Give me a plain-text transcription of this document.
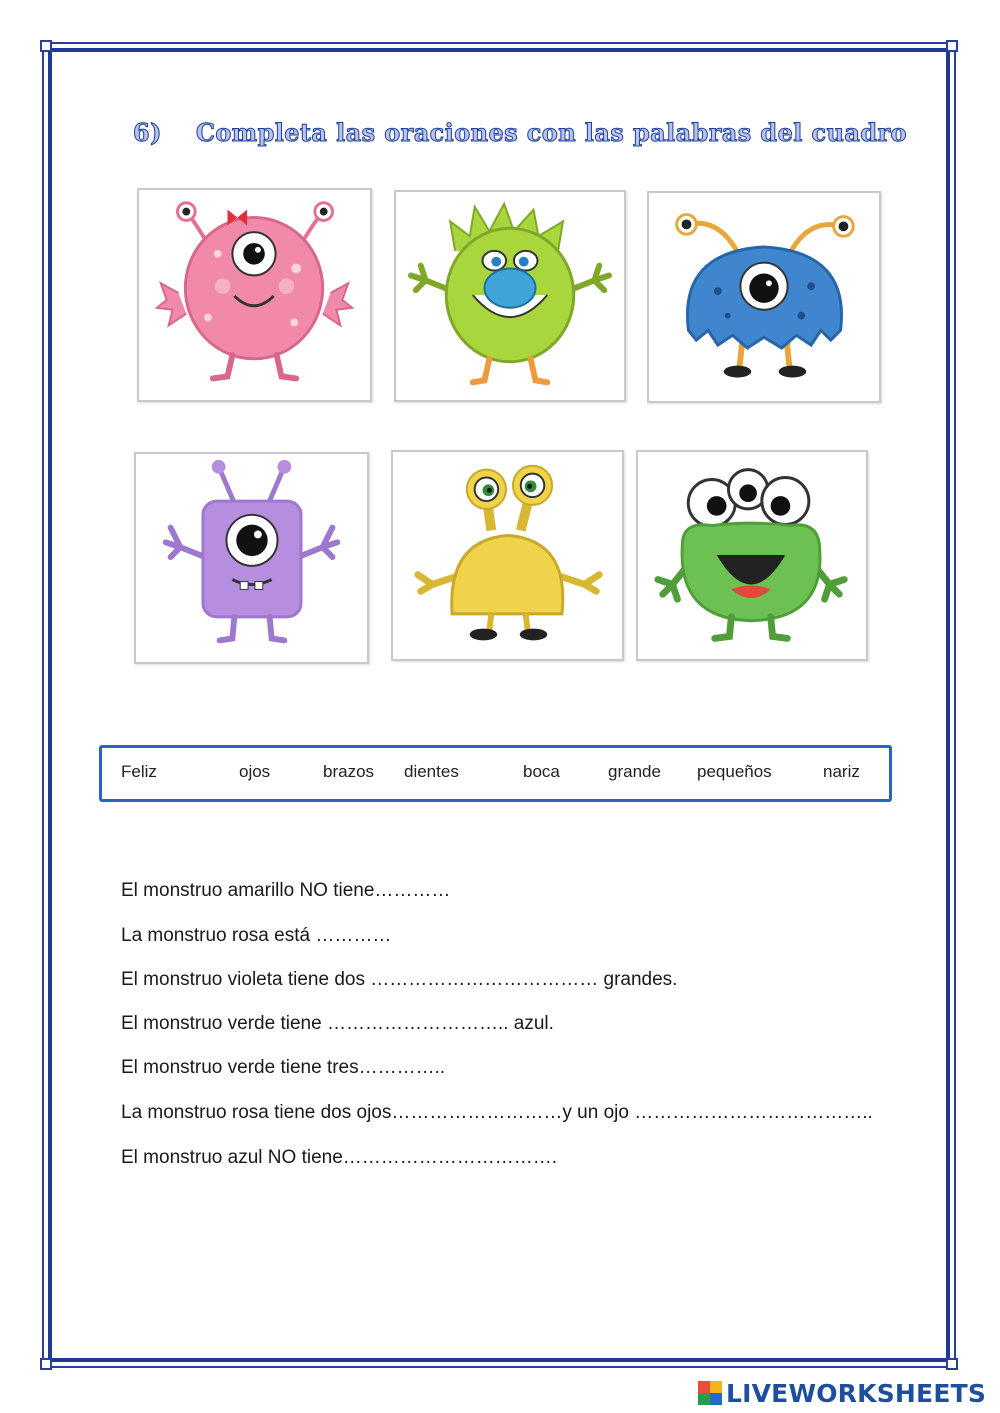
6) Completa las oraciones con las palabras del cuadro
Feliz	ojos	brazos dientes	boca	grande pequeños	nariz
El monstruo amarillo NO tiene…………
La monstruo rosa está …………
El monstruo violeta tiene dos ……………………………… grandes.
El monstruo verde tiene ……………………….. azul.
El monstruo verde tiene tres…………..
La monstruo rosa tiene dos ojos………………………y un ojo ………………………………..
El monstruo azul NO tiene…………………………….
LIVEWORKSHEETS
